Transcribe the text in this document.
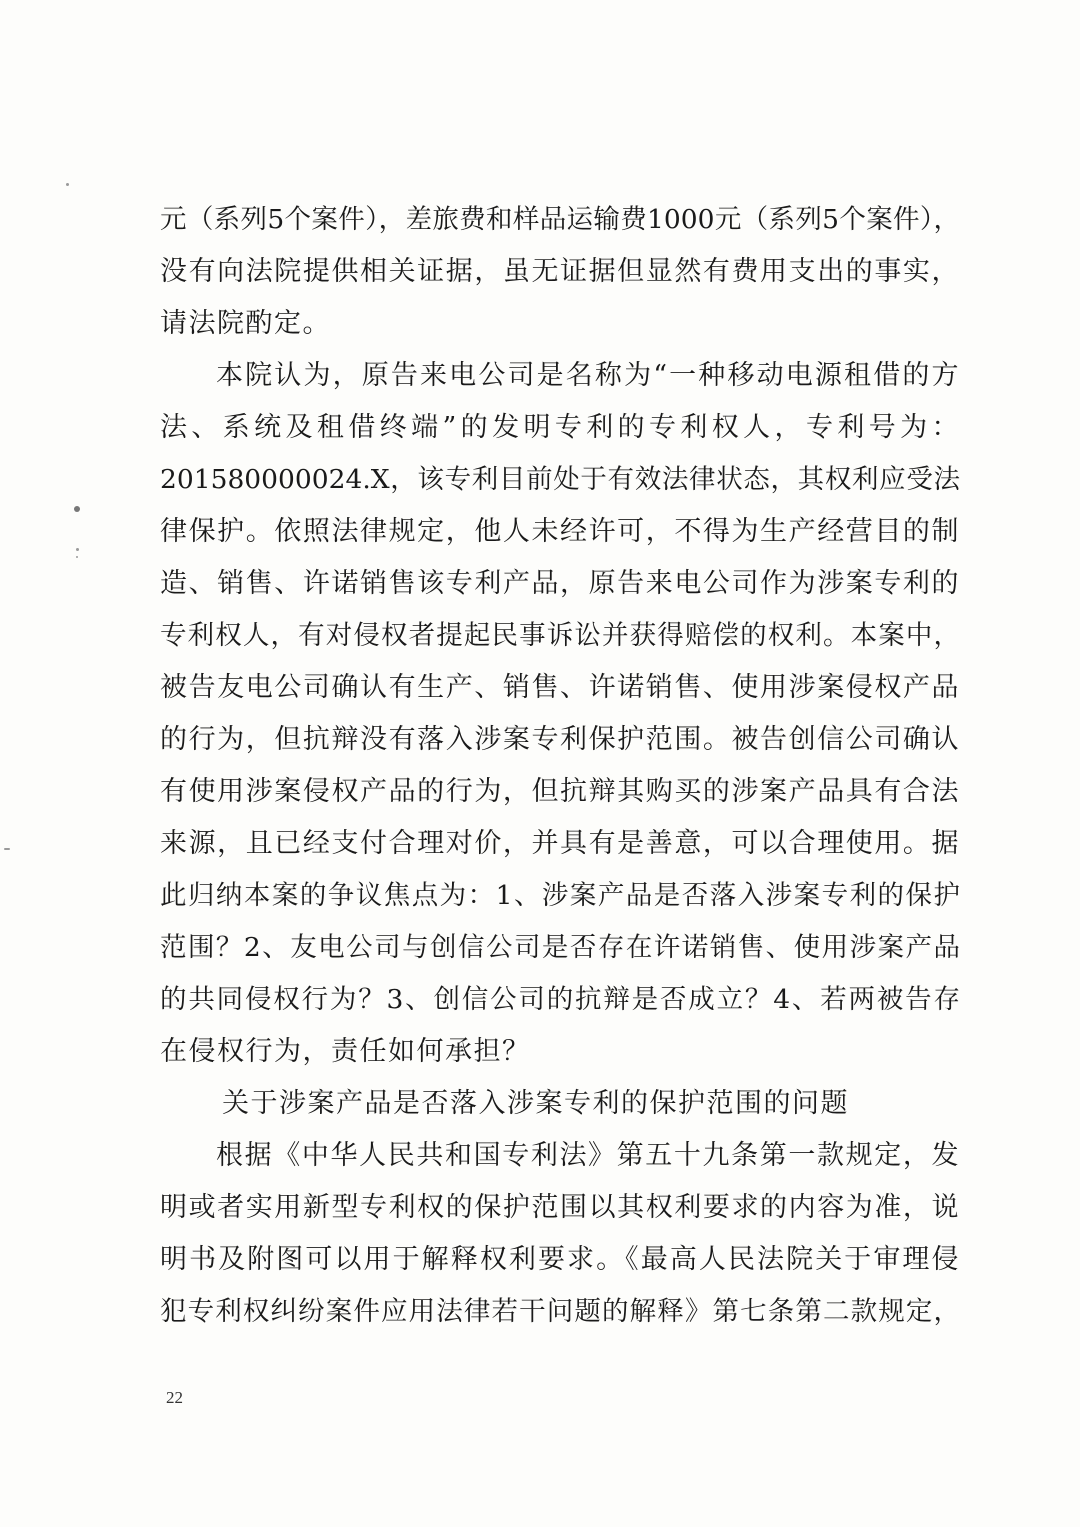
元（系列5个案件），差旅费和样品运输费1000元（系列5个案件），
没有向法院提供相关证据，虽无证据但显然有费用支出的事实，
请法院酌定。
本院认为，原告来电公司是名称为“一种移动电源租借的方
法、系统及租借终端”的发明专利的专利权人，专利号为：
201580000024.X，该专利目前处于有效法律状态，其权利应受法
律保护。依照法律规定，他人未经许可，不得为生产经营目的制
造、销售、许诺销售该专利产品，原告来电公司作为涉案专利的
专利权人，有对侵权者提起民事诉讼并获得赔偿的权利。本案中，
被告友电公司确认有生产、销售、许诺销售、使用涉案侵权产品
的行为，但抗辩没有落入涉案专利保护范围。被告创信公司确认
有使用涉案侵权产品的行为，但抗辩其购买的涉案产品具有合法
来源，且已经支付合理对价，并具有是善意，可以合理使用。据
此归纳本案的争议焦点为：1、涉案产品是否落入涉案专利的保护
范围？2、友电公司与创信公司是否存在许诺销售、使用涉案产品
的共同侵权行为？3、创信公司的抗辩是否成立？4、若两被告存
在侵权行为，责任如何承担？
关于涉案产品是否落入涉案专利的保护范围的问题
根据《中华人民共和国专利法》第五十九条第一款规定，发
明或者实用新型专利权的保护范围以其权利要求的内容为准，说
明书及附图可以用于解释权利要求。《最高人民法院关于审理侵
犯专利权纠纷案件应用法律若干问题的解释》第七条第二款规定，
22
